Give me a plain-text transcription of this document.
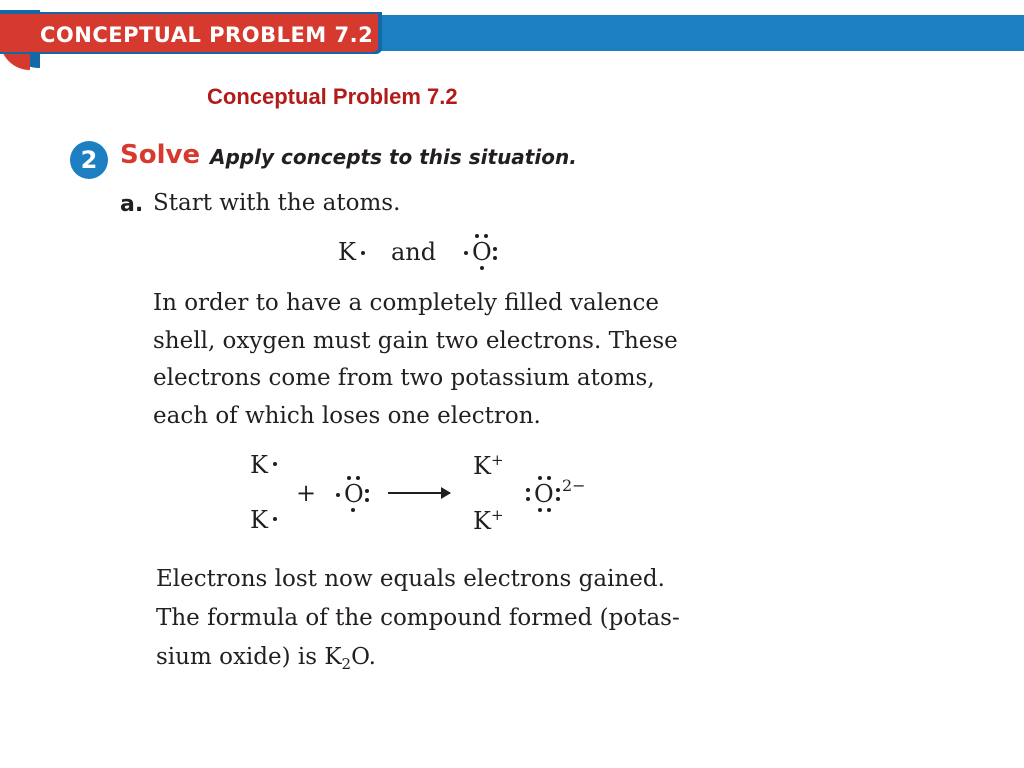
CONCEPTUAL PROBLEM 7.2
Conceptual Problem 7.2
2 Solve Apply concepts to this situation.
a. Start with the atoms.
K and O
In order to have a completely filled valence
shell, oxygen must gain two electrons. These
electrons come from two potassium atoms,
each of which loses one electron.
K
K
+ O
K+
K+
O 2−
Electrons lost now equals electrons gained.
The formula of the compound formed (potas-
sium oxide) is $K_2O$.
